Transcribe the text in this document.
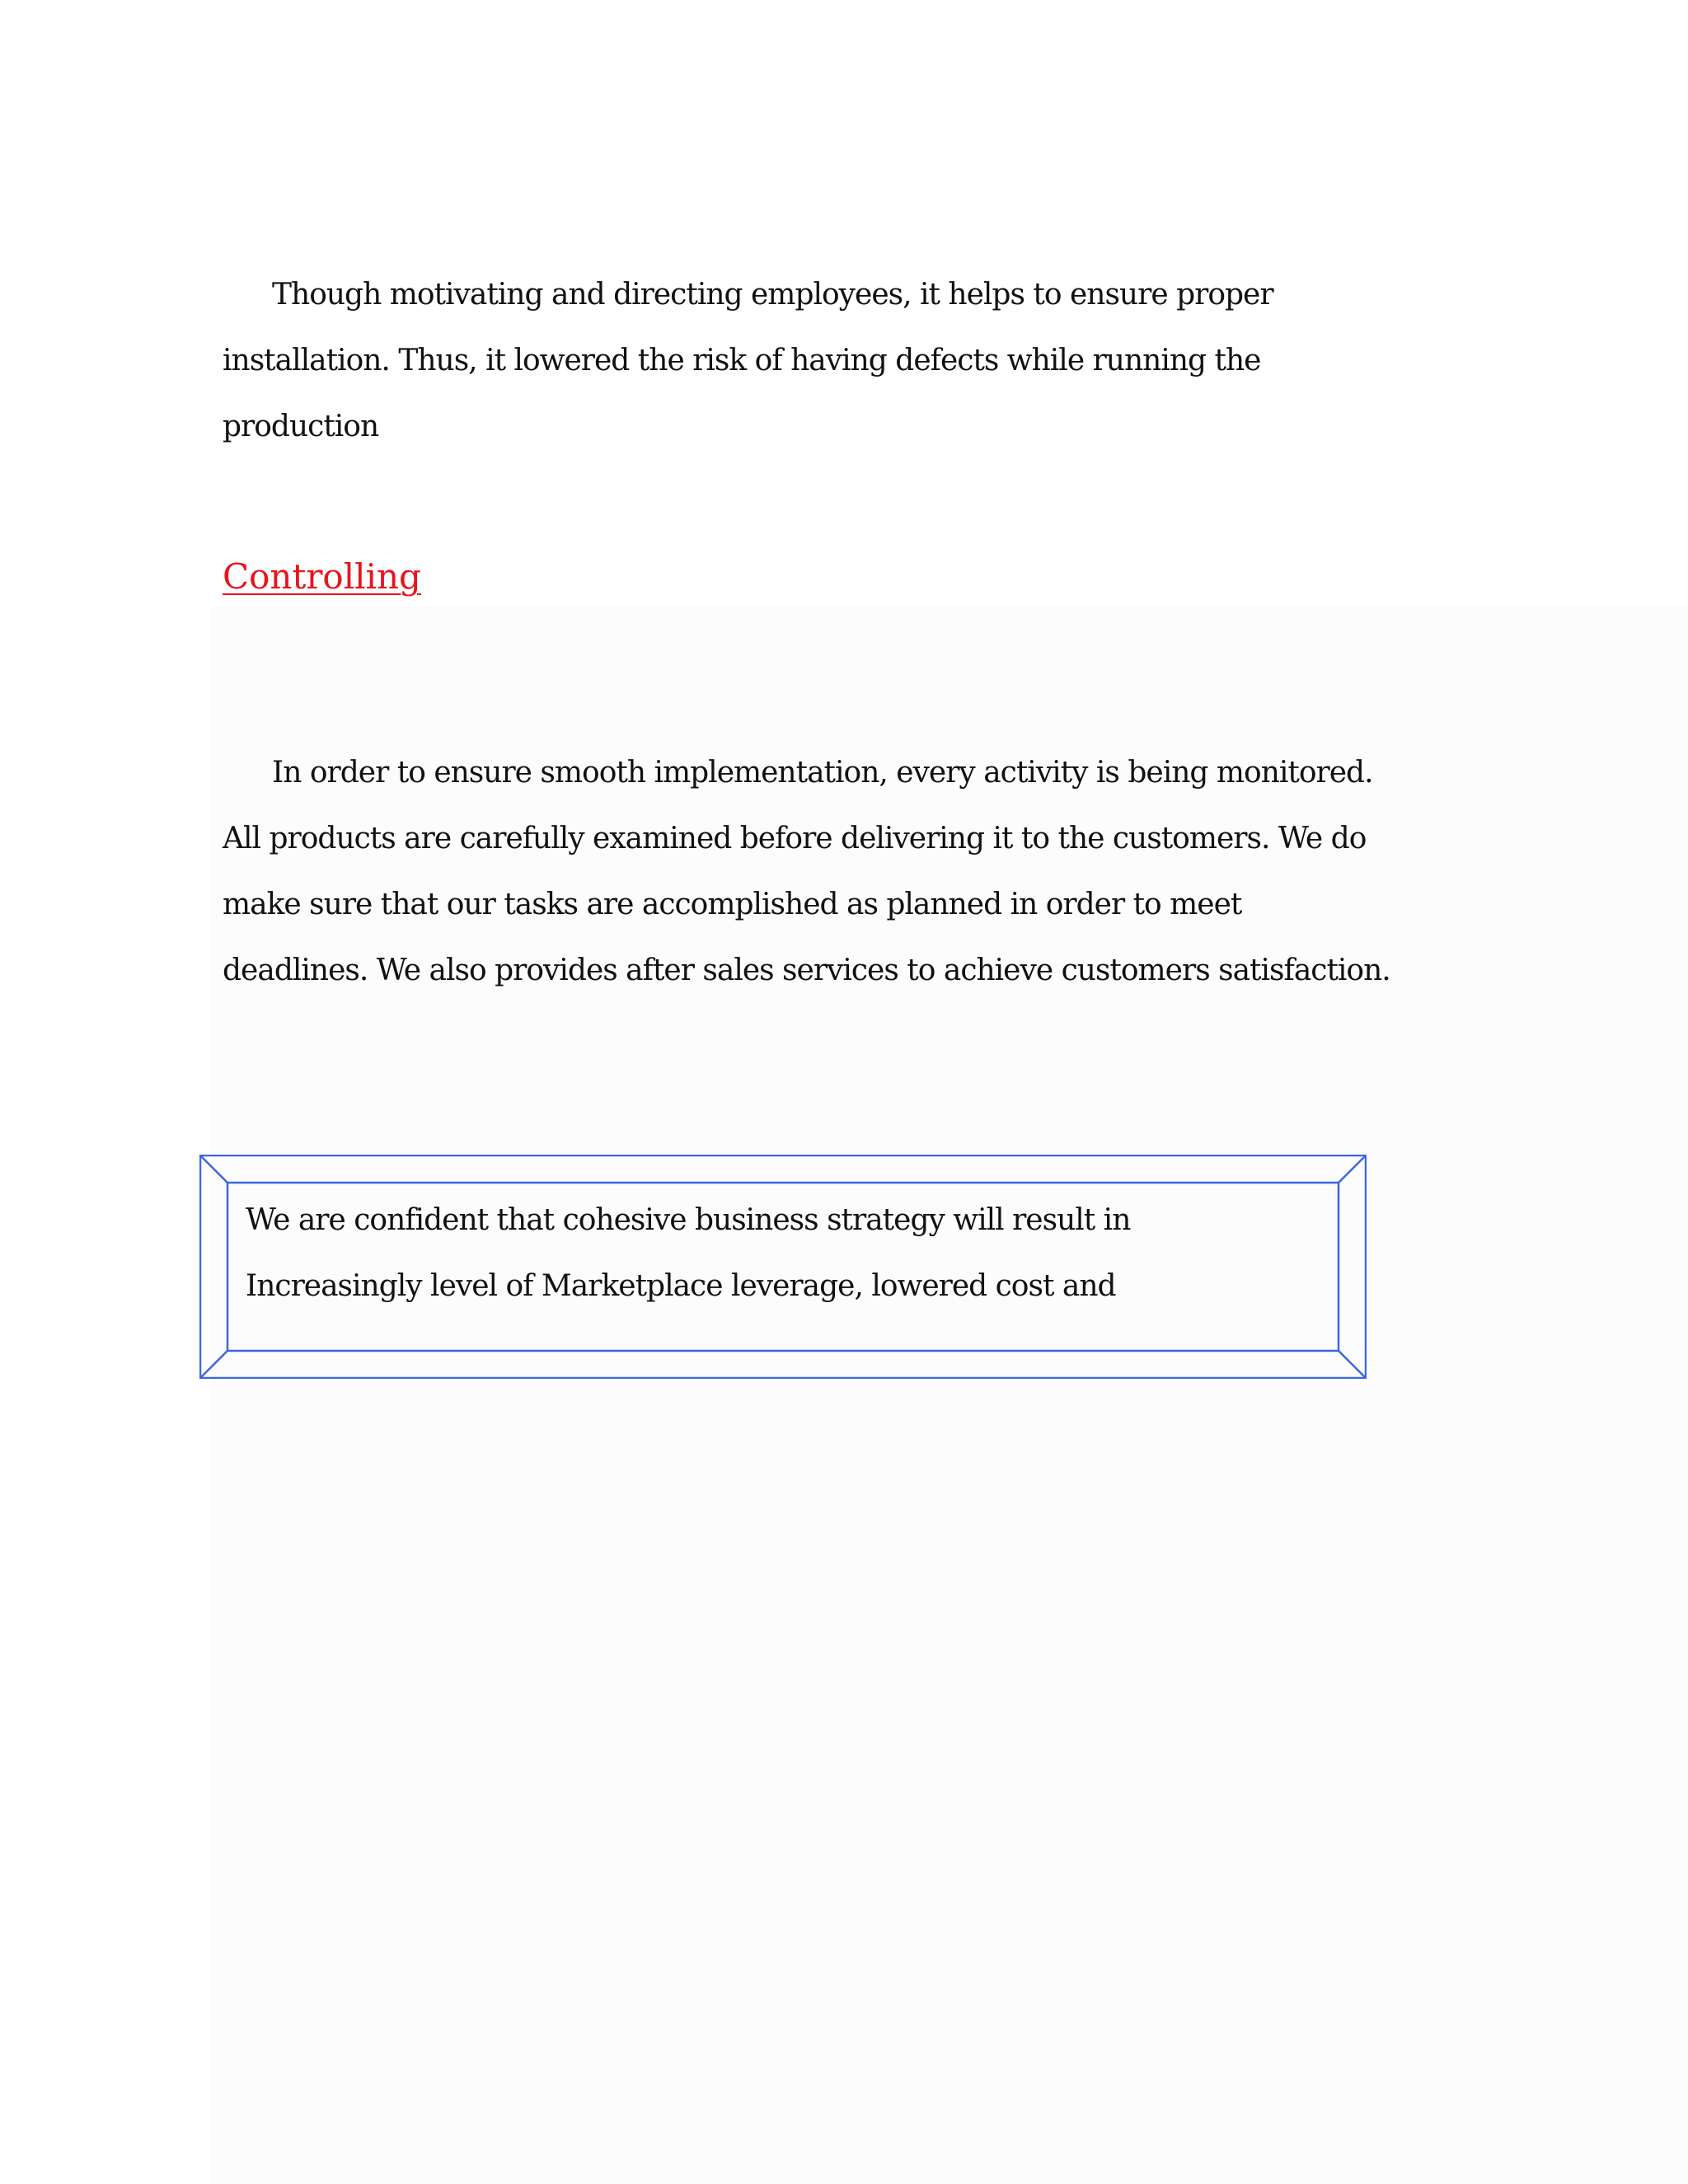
Though motivating and directing employees, it helps to ensure proper installation. Thus, it lowered the risk of having defects while running the production

Controlling

In order to ensure smooth implementation, every activity is being monitored. All products are carefully examined before delivering it to the customers. We do make sure that our tasks are accomplished as planned in order to meet deadlines. We also provides after sales services to achieve customers satisfaction.

We are confident that cohesive business strategy will result in
Increasingly level of Marketplace leverage, lowered cost and
